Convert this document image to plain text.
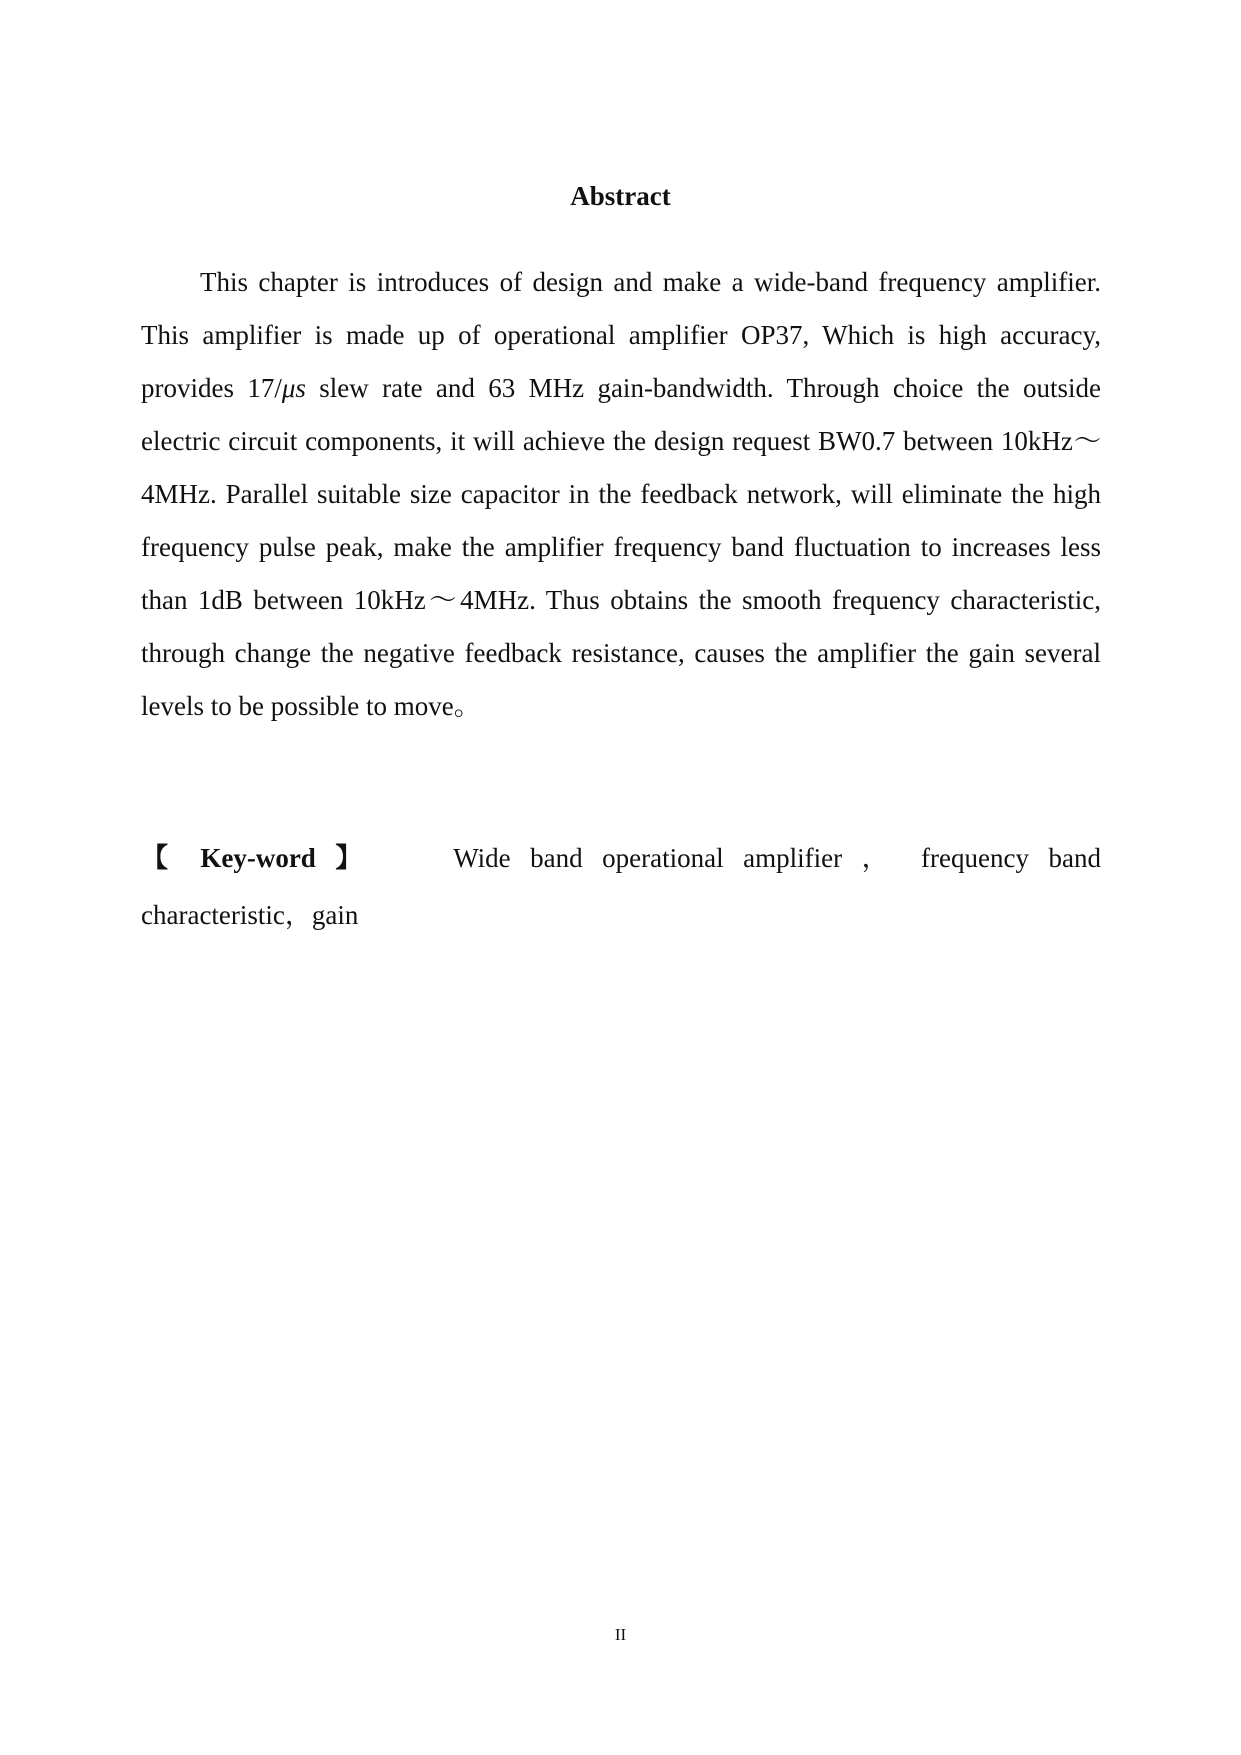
Abstract

This chapter is introduces of design and make a wide-band frequency amplifier. This amplifier is made up of operational amplifier OP37, Which is high accuracy, provides 17/μs slew rate and 63 MHz gain-bandwidth. Through choice the outside electric circuit components, it will achieve the design request BW0.7 between 10kHz～4MHz. Parallel suitable size capacitor in the feedback network, will eliminate the high frequency pulse peak, make the amplifier frequency band fluctuation to increases less than 1dB between 10kHz～4MHz. Thus obtains the smooth frequency characteristic, through change the negative feedback resistance, causes the amplifier the gain several levels to be possible to move。

【 Key-word 】	Wide band operational amplifier ， frequency band characteristic，gain

II
